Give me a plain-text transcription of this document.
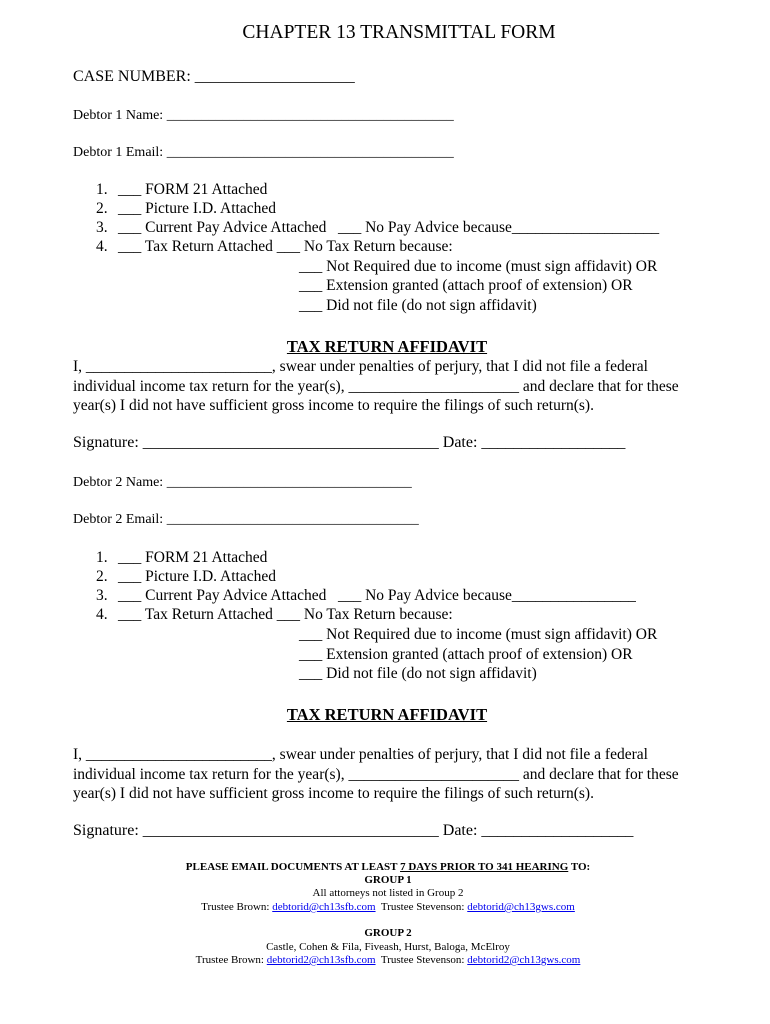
CHAPTER 13 TRANSMITTAL FORM
CASE NUMBER: ____________________
Debtor 1 Name: _________________________________________
Debtor 1 Email: _________________________________________
1. ___ FORM 21 Attached
2. ___ Picture I.D. Attached
3. ___ Current Pay Advice Attached   ___ No Pay Advice because___________________
4. ___ Tax Return Attached ___ No Tax Return because:
___ Not Required due to income (must sign affidavit) OR
___ Extension granted (attach proof of extension) OR
___ Did not file (do not sign affidavit)
TAX RETURN AFFIDAVIT
I, ________________________, swear under penalties of perjury, that I did not file a federal individual income tax return for the year(s), ______________________ and declare that for these year(s) I did not have sufficient gross income to require the filings of such return(s).
Signature: _____________________________________ Date: __________________
Debtor 2 Name: ___________________________________
Debtor 2 Email: ____________________________________
1. ___ FORM 21 Attached
2. ___ Picture I.D. Attached
3. ___ Current Pay Advice Attached   ___ No Pay Advice because________________
4. ___ Tax Return Attached ___ No Tax Return because:
___ Not Required due to income (must sign affidavit) OR
___ Extension granted (attach proof of extension) OR
___ Did not file (do not sign affidavit)
TAX RETURN AFFIDAVIT
I, ________________________, swear under penalties of perjury, that I did not file a federal individual income tax return for the year(s), ______________________ and declare that for these year(s) I did not have sufficient gross income to require the filings of such return(s).
Signature: _____________________________________ Date: ___________________
PLEASE EMAIL DOCUMENTS AT LEAST 7 DAYS PRIOR TO 341 HEARING TO:
GROUP 1
All attorneys not listed in Group 2
Trustee Brown: debtorid@ch13sfb.com  Trustee Stevenson: debtorid@ch13gws.com
GROUP 2
Castle, Cohen & Fila, Fiveash, Hurst, Baloga, McElroy
Trustee Brown: debtorid2@ch13sfb.com  Trustee Stevenson: debtorid2@ch13gws.com
